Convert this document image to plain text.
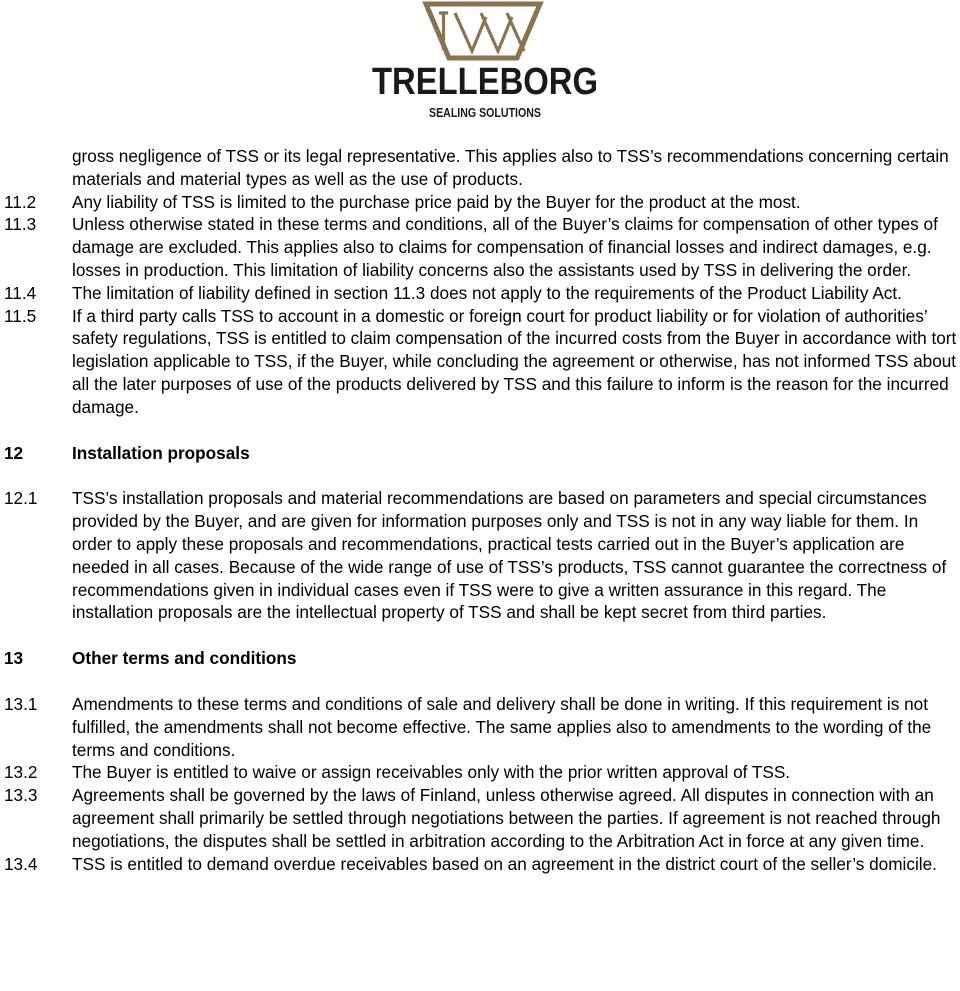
TRELLEBORG
SEALING SOLUTIONS
gross negligence of TSS or its legal representative. This applies also to TSS’s recommendations concerning certain materials and material types as well as the use of products.
11.2	Any liability of TSS is limited to the purchase price paid by the Buyer for the product at the most.
11.3	Unless otherwise stated in these terms and conditions, all of the Buyer’s claims for compensation of other types of damage are excluded. This applies also to claims for compensation of financial losses and indirect damages, e.g. losses in production. This limitation of liability concerns also the assistants used by TSS in delivering the order.
11.4	The limitation of liability defined in section 11.3 does not apply to the requirements of the Product Liability Act.
11.5	If a third party calls TSS to account in a domestic or foreign court for product liability or for violation of authorities’ safety regulations, TSS is entitled to claim compensation of the incurred costs from the Buyer in accordance with tort legislation applicable to TSS, if the Buyer, while concluding the agreement or otherwise, has not informed TSS about all the later purposes of use of the products delivered by TSS and this failure to inform is the reason for the incurred damage.
12	Installation proposals
12.1	TSS’s installation proposals and material recommendations are based on parameters and special circumstances provided by the Buyer, and are given for information purposes only and TSS is not in any way liable for them. In order to apply these proposals and recommendations, practical tests carried out in the Buyer’s application are needed in all cases. Because of the wide range of use of TSS’s products, TSS cannot guarantee the correctness of recommendations given in individual cases even if TSS were to give a written assurance in this regard. The installation proposals are the intellectual property of TSS and shall be kept secret from third parties.
13	Other terms and conditions
13.1	Amendments to these terms and conditions of sale and delivery shall be done in writing. If this requirement is not fulfilled, the amendments shall not become effective. The same applies also to amendments to the wording of the terms and conditions.
13.2	The Buyer is entitled to waive or assign receivables only with the prior written approval of TSS.
13.3	Agreements shall be governed by the laws of Finland, unless otherwise agreed. All disputes in connection with an agreement shall primarily be settled through negotiations between the parties. If agreement is not reached through negotiations, the disputes shall be settled in arbitration according to the Arbitration Act in force at any given time.
13.4	TSS is entitled to demand overdue receivables based on an agreement in the district court of the seller’s domicile.
